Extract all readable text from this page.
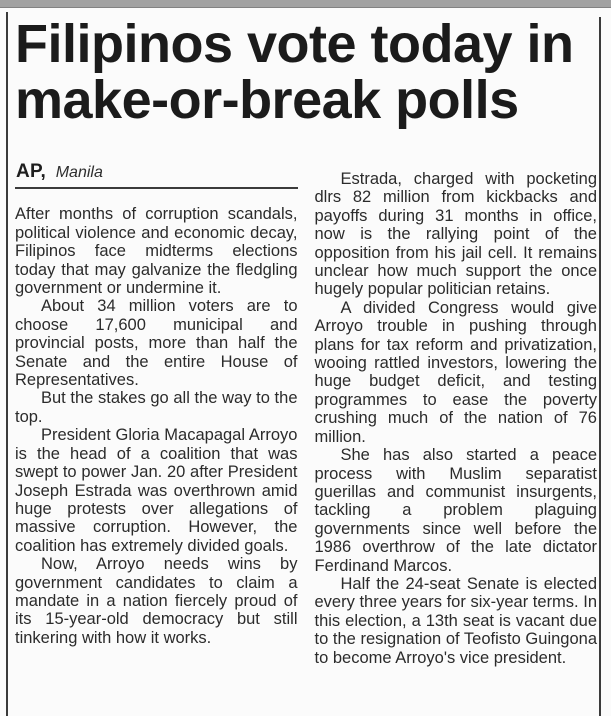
Filipinos vote today in
make-or-break polls
AP, Manila

After months of corruption scandals, political violence and economic decay, Filipinos face midterms elections today that may galvanize the fledgling government or undermine it.

About 34 million voters are to choose 17,600 municipal and provincial posts, more than half the Senate and the entire House of Representatives.

But the stakes go all the way to the top.

President Gloria Macapagal Arroyo is the head of a coalition that was swept to power Jan. 20 after President Joseph Estrada was overthrown amid huge protests over allegations of massive corruption. However, the coalition has extremely divided goals.

Now, Arroyo needs wins by government candidates to claim a mandate in a nation fiercely proud of its 15-year-old democracy but still tinkering with how it works.

Estrada, charged with pocketing dlrs 82 million from kickbacks and payoffs during 31 months in office, now is the rallying point of the opposition from his jail cell. It remains unclear how much support the once hugely popular politician retains.

A divided Congress would give Arroyo trouble in pushing through plans for tax reform and privatization, wooing rattled investors, lowering the huge budget deficit, and testing programmes to ease the poverty crushing much of the nation of 76 million.

She has also started a peace process with Muslim separatist guerillas and communist insurgents, tackling a problem plaguing governments since well before the 1986 overthrow of the late dictator Ferdinand Marcos.

Half the 24-seat Senate is elected every three years for six-year terms. In this election, a 13th seat is vacant due to the resignation of Teofisto Guingona to become Arroyo's vice president.
